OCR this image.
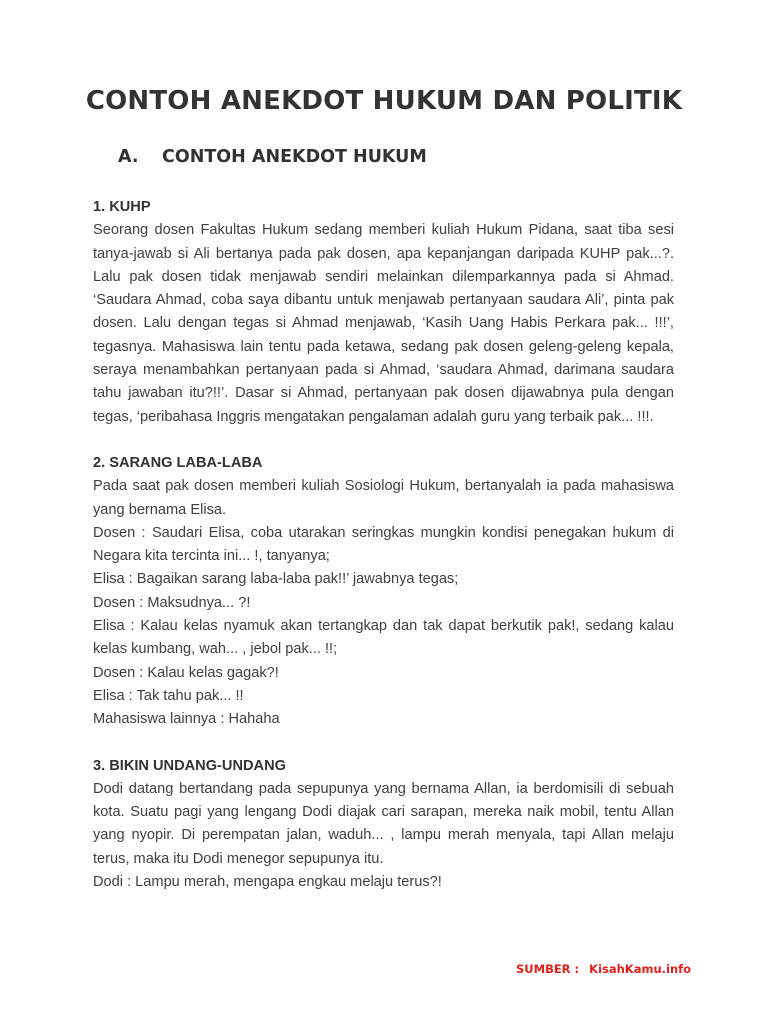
CONTOH ANEKDOT HUKUM DAN POLITIK
A. CONTOH ANEKDOT HUKUM

1. KUHP

Seorang dosen Fakultas Hukum sedang memberi kuliah Hukum Pidana, saat tiba sesi tanya-jawab si Ali bertanya pada pak dosen, apa kepanjangan daripada KUHP pak...?. Lalu pak dosen tidak menjawab sendiri melainkan dilemparkannya pada si Ahmad. ‘Saudara Ahmad, coba saya dibantu untuk menjawab pertanyaan saudara Ali’, pinta pak dosen. Lalu dengan tegas si Ahmad menjawab, ‘Kasih Uang Habis Perkara pak... !!!’, tegasnya. Mahasiswa lain tentu pada ketawa, sedang pak dosen geleng-geleng kepala, seraya menambahkan pertanyaan pada si Ahmad, ‘saudara Ahmad, darimana saudara tahu jawaban itu?!!’. Dasar si Ahmad, pertanyaan pak dosen dijawabnya pula dengan tegas, ‘peribahasa Inggris mengatakan pengalaman adalah guru yang terbaik pak... !!!.

2. SARANG LABA-LABA

Pada saat pak dosen memberi kuliah Sosiologi Hukum, bertanyalah ia pada mahasiswa yang bernama Elisa.

Dosen : Saudari Elisa, coba utarakan seringkas mungkin kondisi penegakan hukum di Negara kita tercinta ini... !, tanyanya;

Elisa : Bagaikan sarang laba-laba pak!!’ jawabnya tegas;

Dosen : Maksudnya... ?!

Elisa : Kalau kelas nyamuk akan tertangkap dan tak dapat berkutik pak!, sedang kalau kelas kumbang, wah... , jebol pak... !!;

Dosen : Kalau kelas gagak?!

Elisa : Tak tahu pak... !!

Mahasiswa lainnya : Hahaha

3. BIKIN UNDANG-UNDANG

Dodi datang bertandang pada sepupunya yang bernama Allan, ia berdomisili di sebuah kota. Suatu pagi yang lengang Dodi diajak cari sarapan, mereka naik mobil, tentu Allan yang nyopir. Di perempatan jalan, waduh... , lampu merah menyala, tapi Allan melaju terus, maka itu Dodi menegor sepupunya itu.

Dodi : Lampu merah, mengapa engkau melaju terus?!

SUMBER : KisahKamu.info
